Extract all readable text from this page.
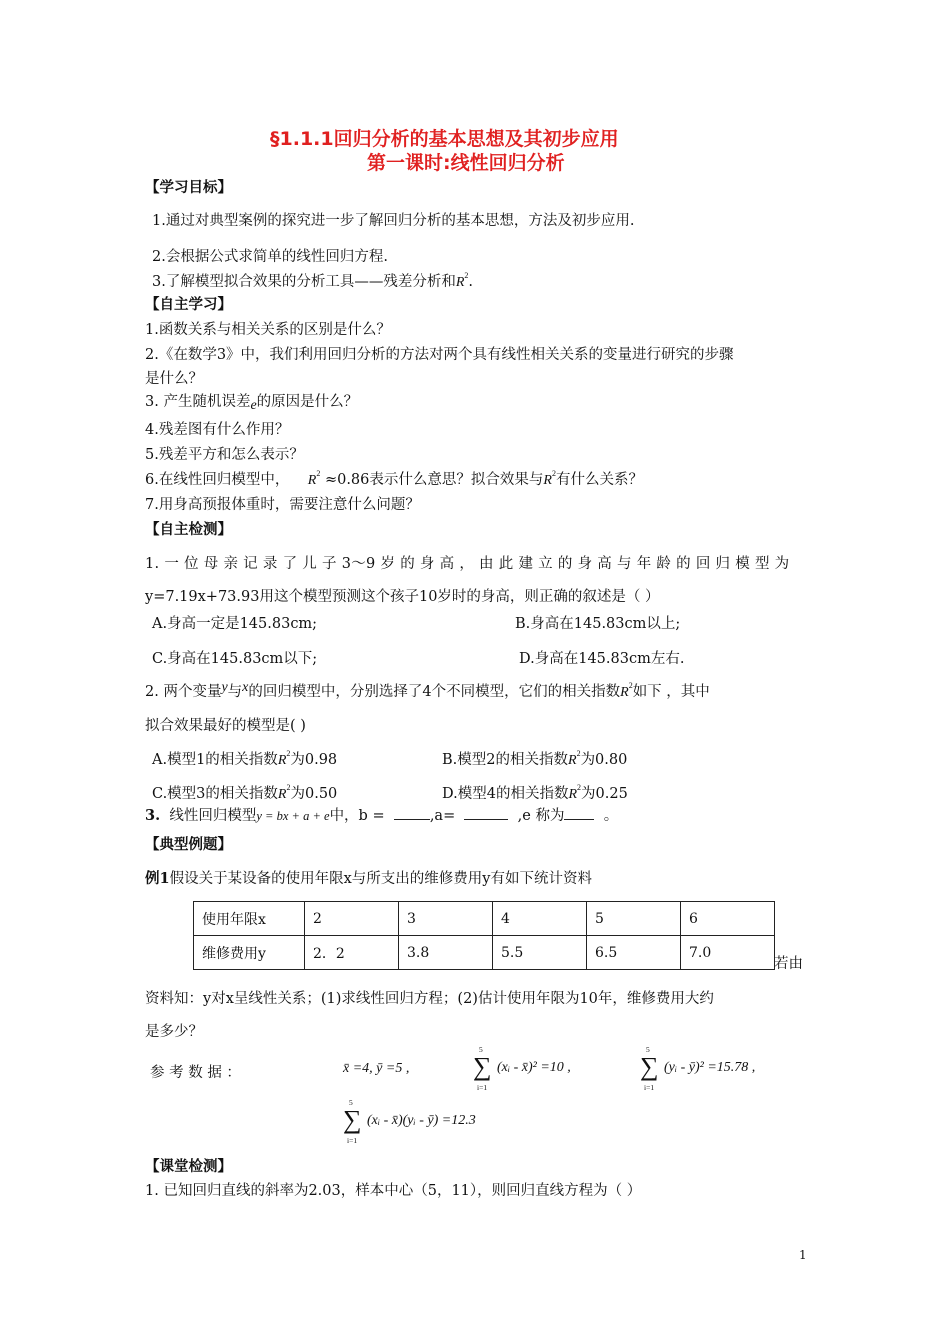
§1.1.1回归分析的基本思想及其初步应用
第一课时:线性回归分析
【学习目标】
1.通过对典型案例的探究进一步了解回归分析的基本思想，方法及初步应用.
2.会根据公式求简单的线性回归方程.
3.了解模型拟合效果的分析工具——残差分析和$R^2$.
【自主学习】
1.函数关系与相关关系的区别是什么？
2.《在数学3》中，我们利用回归分析的方法对两个具有线性相关关系的变量进行研究的步骤
是什么？
3. 产生随机误差e的原因是什么？
4.残差图有什么作用？
5.残差平方和怎么表示？
6.在线性回归模型中， $R^2 \approx 0.86$表示什么意思？拟合效果与$R^2$有什么关系？
7.用身高预报体重时，需要注意什么问题？
【自主检测】
1. 一 位 母 亲 记 录 了 儿 子 3～9 岁 的 身 高 ， 由 此 建 立 的 身 高 与 年 龄 的 回 归 模 型 为
y=7.19x+73.93用这个模型预测这个孩子10岁时的身高，则正确的叙述是（ ）
A.身高一定是145.83cm;	B.身高在145.83cm以上;
C.身高在145.83cm以下;	D.身高在145.83cm左右.
2. 两个变量y与x的回归模型中，分别选择了4个不同模型，它们的相关指数$R^2$如下 ，其中
拟合效果最好的模型是( )
A.模型1的相关指数$R^2$为0.98	B.模型2的相关指数$R^2$为0.80
C.模型3的相关指数$R^2$为0.50	D.模型4的相关指数$R^2$为0.25
3. 线性回归模型y = bx + a + e中，b =	,a=	,e 称为	。
【典型例题】
例1假设关于某设备的使用年限x与所支出的维修费用y有如下统计资料
使用年限x	2	3	4	5	6
维修费用y	2．2	3.8	5.5	6.5	7.0
若由
资料知：y对x呈线性关系；(1)求线性回归方程；(2)估计使用年限为10年，维修费用大约
是多少？
参 考 数 据 ：	x̄ =4, ȳ =5 ,
5
∑
i=1
(xᵢ - x̄)² =10 ,
5
∑
i=1
(yᵢ - ȳ)² =15.78 ,
5
∑
i=1
(xᵢ - x̄)(yᵢ - ȳ) =12.3
【课堂检测】
1. 已知回归直线的斜率为2.03，样本中心（5，11），则回归直线方程为（ ）
1
